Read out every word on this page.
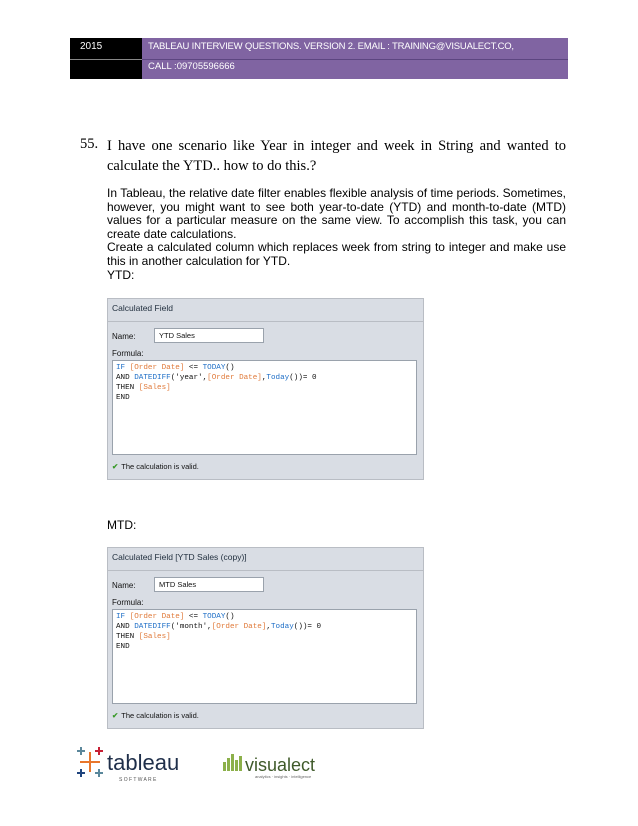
2015	TABLEAU INTERVIEW QUESTIONS. VERSION 2. EMAIL : TRAINING@VISUALECT.CO,
CALL :09705596666
55. I have one scenario like Year in integer and week in String and wanted to calculate the YTD.. how to do this.?

In Tableau, the relative date filter enables flexible analysis of time periods. Sometimes, however, you might want to see both year-to-date (YTD) and month-to-date (MTD) values for a particular measure on the same view. To accomplish this task, you can create date calculations.

Create a calculated column which replaces week from string to integer and make use this in another calculation for YTD.

YTD:

Calculated Field
Name:	YTD Sales
Formula:
IF [Order Date] <= TODAY()
AND DATEDIFF('year',[Order Date],Today())= 0
THEN [Sales]
END
✔ The calculation is valid.
MTD:
Calculated Field [YTD Sales (copy)]
Name:	MTD Sales
Formula:
IF [Order Date] <= TODAY()
AND DATEDIFF('month',[Order Date],Today())= 0
THEN [Sales]
END
✔ The calculation is valid.
tableau
S O F T W A R E
visualect
analytics · insights · intelligence
